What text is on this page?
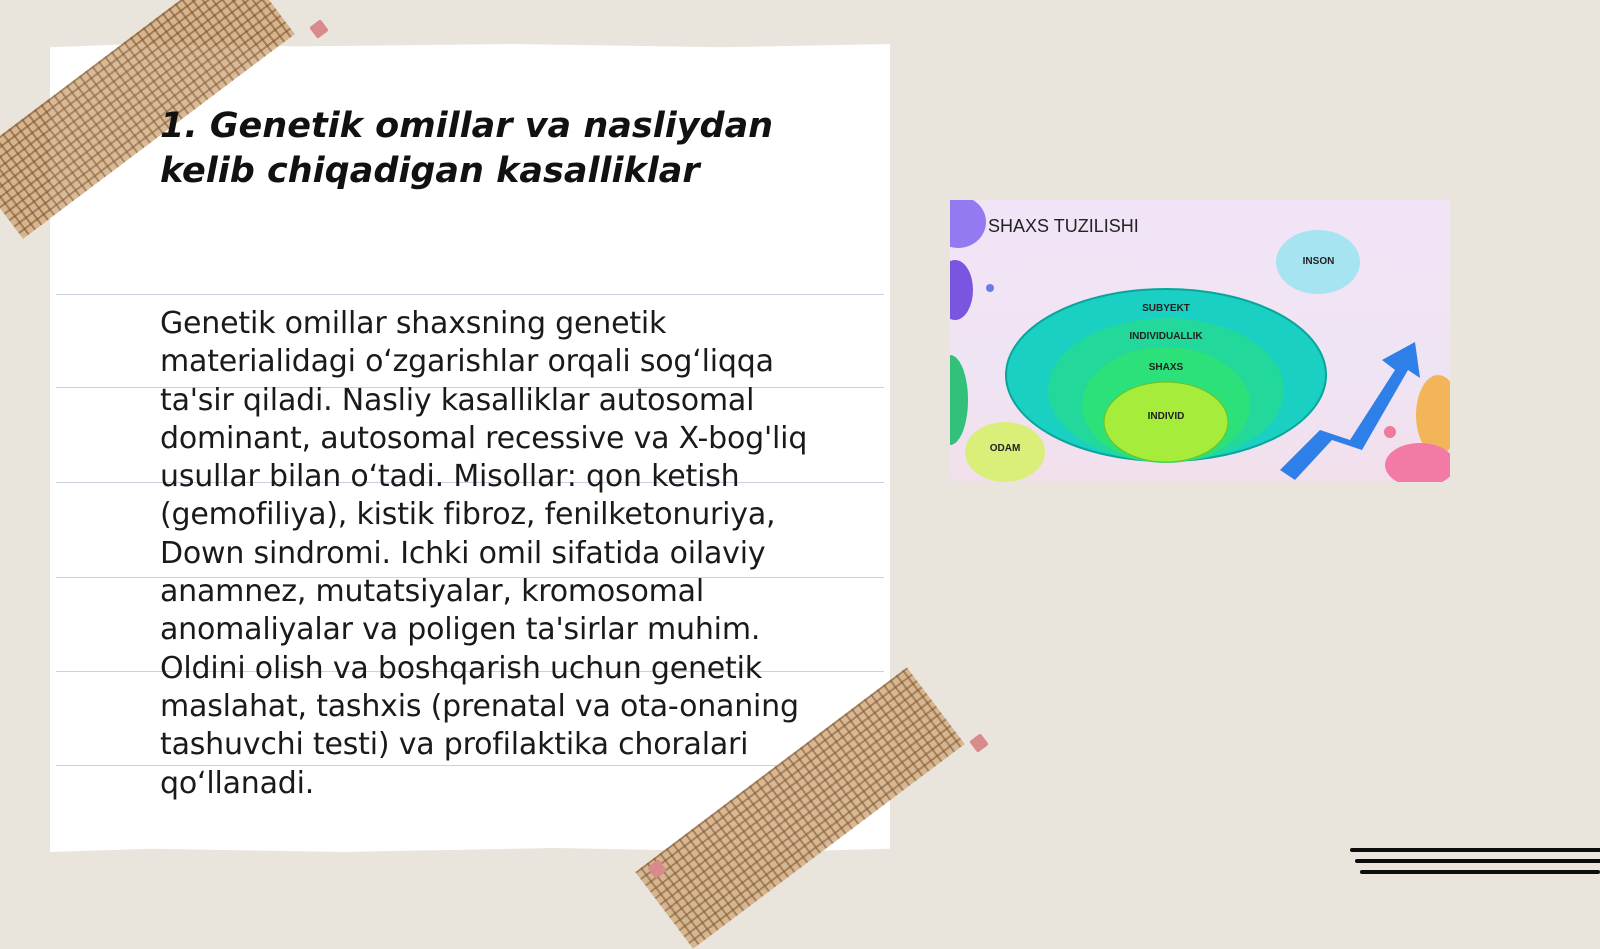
1. Genetik omillar va nasliydan kelib chiqadigan kasalliklar

Genetik omillar shaxsning genetik materialidagi o‘zgarishlar orqali sog‘liqqa ta'sir qiladi. Nasliy kasalliklar autosomal dominant, autosomal recessive va X-bog'liq usullar bilan o‘tadi. Misollar: qon ketish (gemofiliya), kistik fibroz, fenilketonuriya, Down sindromi. Ichki omil sifatida oilaviy anamnez, mutatsiyalar, kromosomal anomaliyalar va poligen ta'sirlar muhim. Oldini olish va boshqarish uchun genetik maslahat, tashxis (prenatal va ota-onaning tashuvchi testi) va profilaktika choralari qo‘llanadi.

SHAXS TUZILISHI
INSON
SUBYEKT
INDIVIDUALLIK
SHAXS
INDIVID
ODAM
